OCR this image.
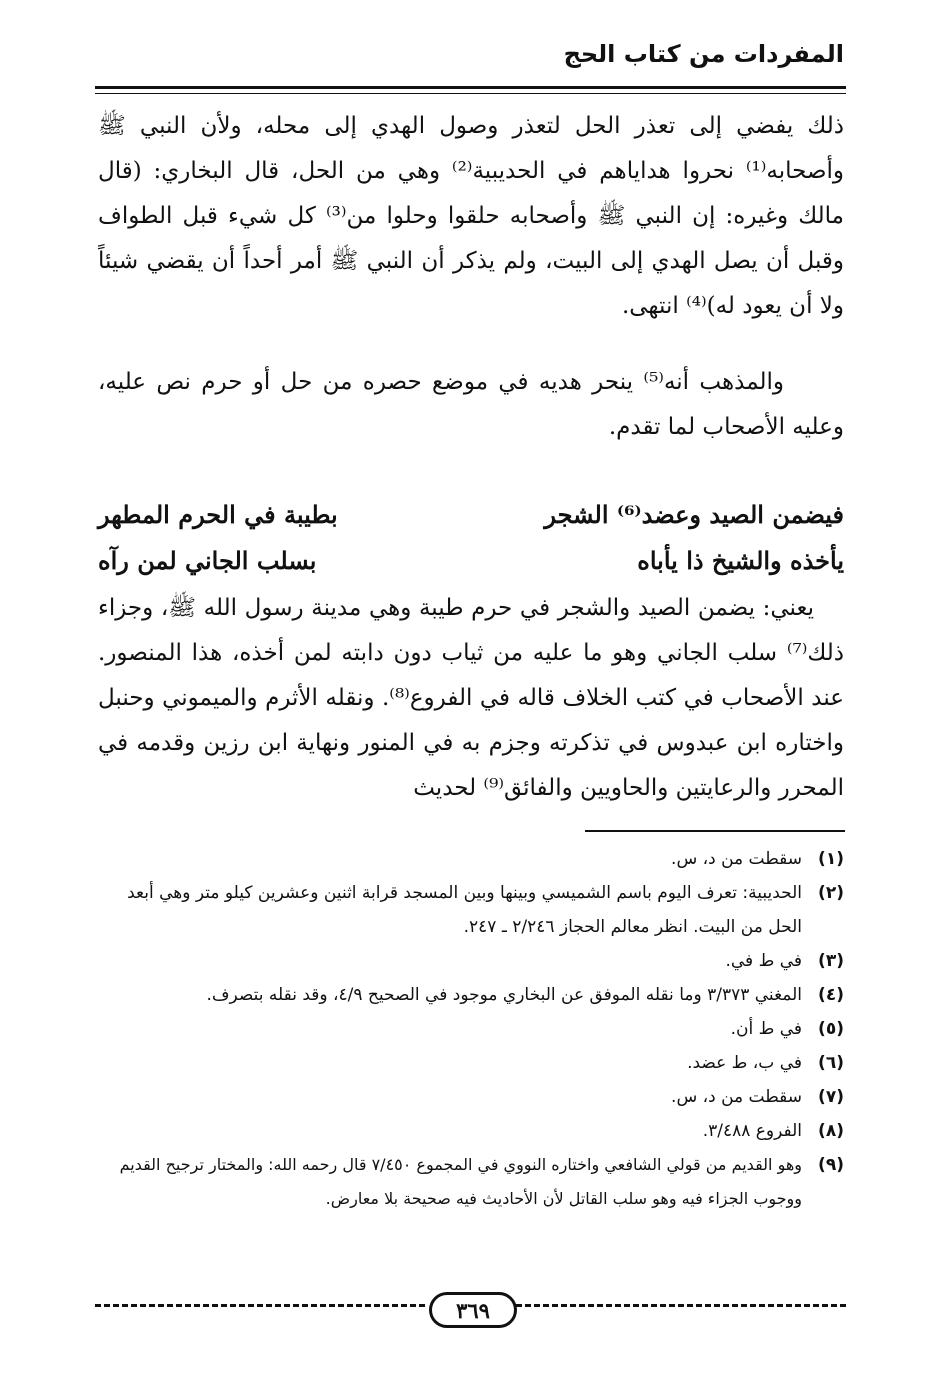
المفردات من كتاب الحج
ذلك يفضي إلى تعذر الحل لتعذر وصول الهدي إلى محله، ولأن النبي ﷺ وأصحابه⁽¹⁾ نحروا هداياهم في الحديبية⁽²⁾ وهي من الحل، قال البخاري: (قال مالك وغيره: إن النبي ﷺ وأصحابه حلقوا وحلوا من⁽³⁾ كل شيء قبل الطواف وقبل أن يصل الهدي إلى البيت، ولم يذكر أن النبي ﷺ أمر أحداً أن يقضي شيئاً ولا أن يعود له)⁽⁴⁾ انتهى.
والمذهب أنه⁽⁵⁾ ينحر هديه في موضع حصره من حل أو حرم نص عليه، وعليه الأصحاب لما تقدم.
فيضمن الصيد وعضد⁽⁶⁾ الشجر
بطيبة في الحرم المطهر
يأخذه والشيخ ذا يأباه
بسلب الجاني لمن رآه
يعني: يضمن الصيد والشجر في حرم طيبة وهي مدينة رسول الله ﷺ، وجزاء ذلك⁽⁷⁾ سلب الجاني وهو ما عليه من ثياب دون دابته لمن أخذه، هذا المنصور. عند الأصحاب في كتب الخلاف قاله في الفروع⁽⁸⁾. ونقله الأثرم والميموني وحنبل واختاره ابن عبدوس في تذكرته وجزم به في المنور ونهاية ابن رزين وقدمه في المحرر والرعايتين والحاويين والفائق⁽⁹⁾ لحديث
(١)
سقطت من د، س.
(٢)
الحديبية: تعرف اليوم باسم الشميسي وبينها وبين المسجد قرابة اثنين وعشرين كيلو متر وهي أبعد الحل من البيت. انظر معالم الحجاز ٢/٢٤٦ ـ ٢٤٧.
(٣)
في ط في.
(٤)
المغني ٣/٣٧٣ وما نقله الموفق عن البخاري موجود في الصحيح ٤/٩، وقد نقله بتصرف.
(٥)
في ط أن.
(٦)
في ب، ط عضد.
(٧)
سقطت من د، س.
(٨)
الفروع ٣/٤٨٨.
(٩)
وهو القديم من قولي الشافعي واختاره النووي في المجموع ٧/٤٥٠ قال رحمه الله: والمختار ترجيح القديم ووجوب الجزاء فيه وهو سلب القاتل لأن الأحاديث فيه صحيحة بلا معارض.
٣٦٩
